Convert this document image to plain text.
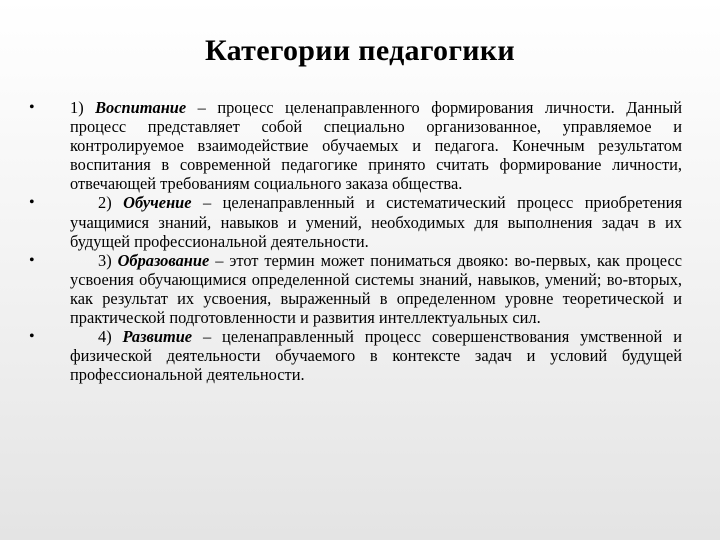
Категории педагогики
• 1) Воспитание – процесс целенаправленного формирования личности. Данный процесс представляет собой специально организованное, управляемое и контролируемое взаимодействие обучаемых и педагога. Конечным результатом воспитания в современной педагогике принято считать формирование личности, отвечающей требованиям социального заказа общества.
•	2) Обучение – целенаправленный и систематический процесс приобретения учащимися знаний, навыков и умений, необходимых для выполнения задач в их будущей профессиональной деятельности.
•	3) Образование – этот термин может пониматься двояко: во-первых, как процесс усвоения обучающимися определенной системы знаний, навыков, умений; во-вторых, как результат их усвоения, выраженный в определенном уровне теоретической и практической подготовленности и развития интеллектуальных сил.
•	4) Развитие – целенаправленный процесс совершенствования умственной и физической деятельности обучаемого в контексте задач и условий будущей профессиональной деятельности.
